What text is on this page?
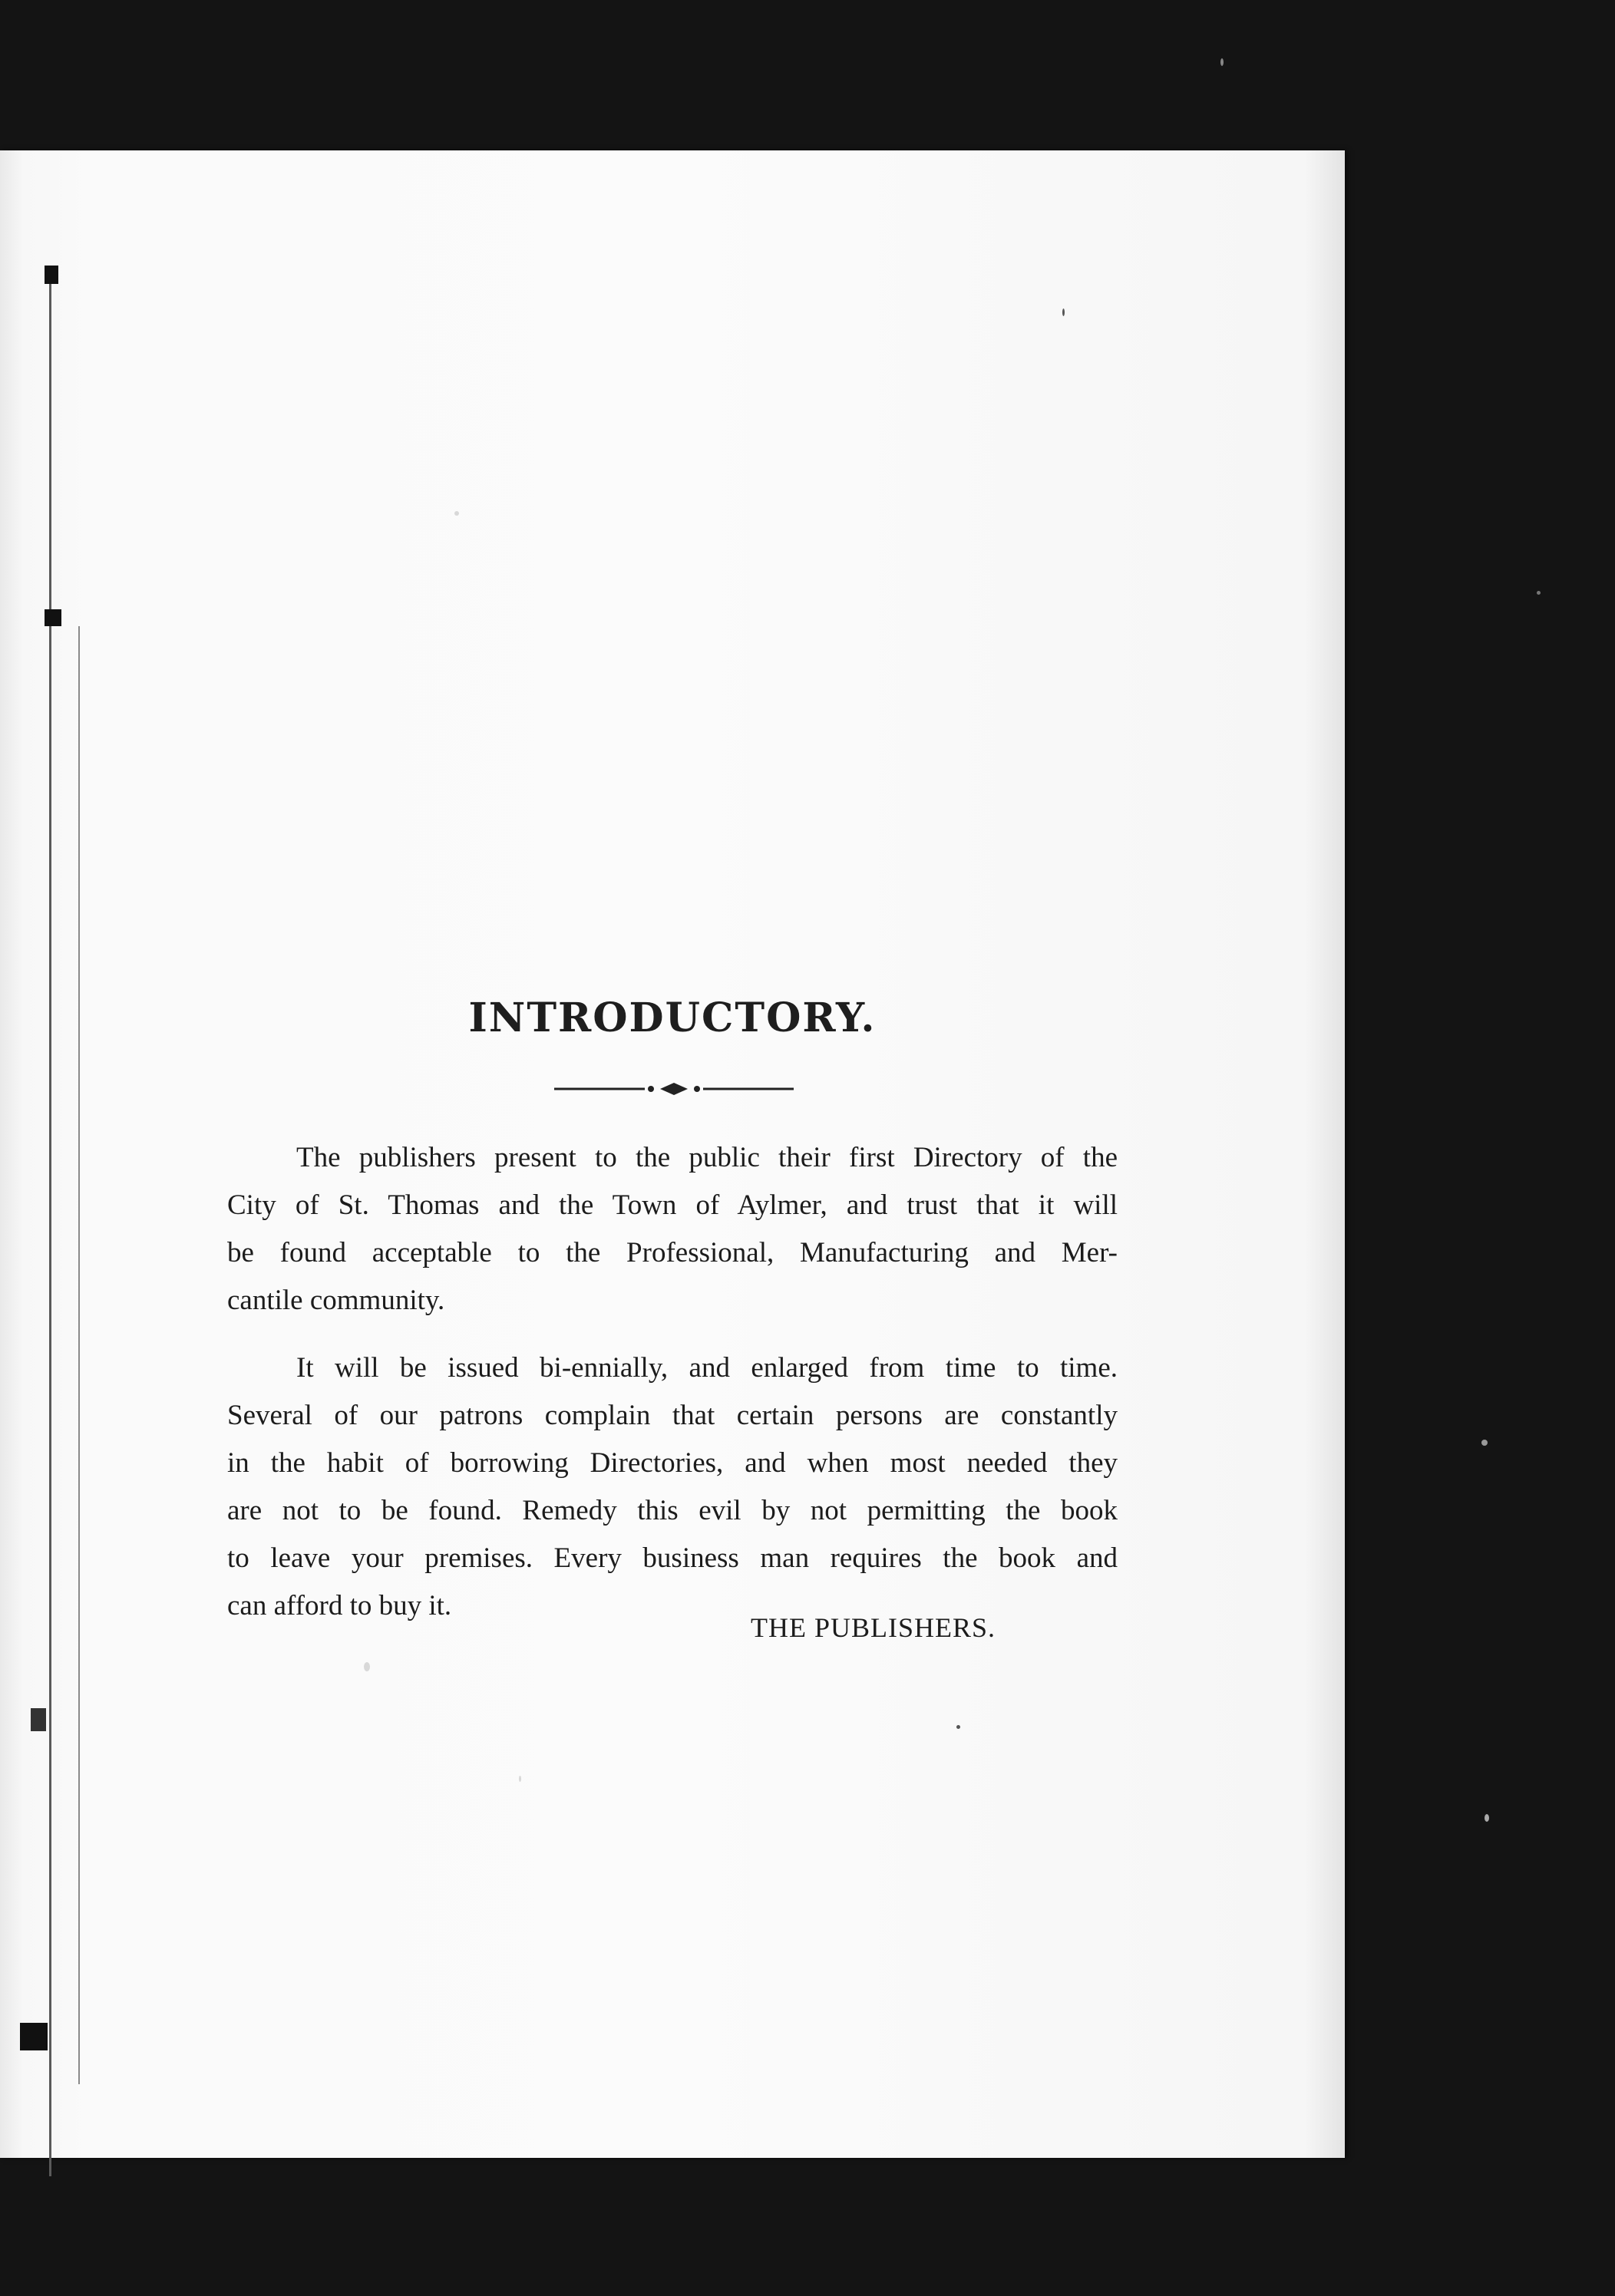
INTRODUCTORY.
The publishers present to the public their first Directory of the
City of St. Thomas and the Town of Aylmer, and trust that it will
be found acceptable to the Professional, Manufacturing and Mer-
cantile community.
It will be issued bi-ennially, and enlarged from time to time.
Several of our patrons complain that certain persons are constantly
in the habit of borrowing Directories, and when most needed they
are not to be found. Remedy this evil by not permitting the book
to leave your premises. Every business man requires the book and
can afford to buy it.
THE PUBLISHERS.
